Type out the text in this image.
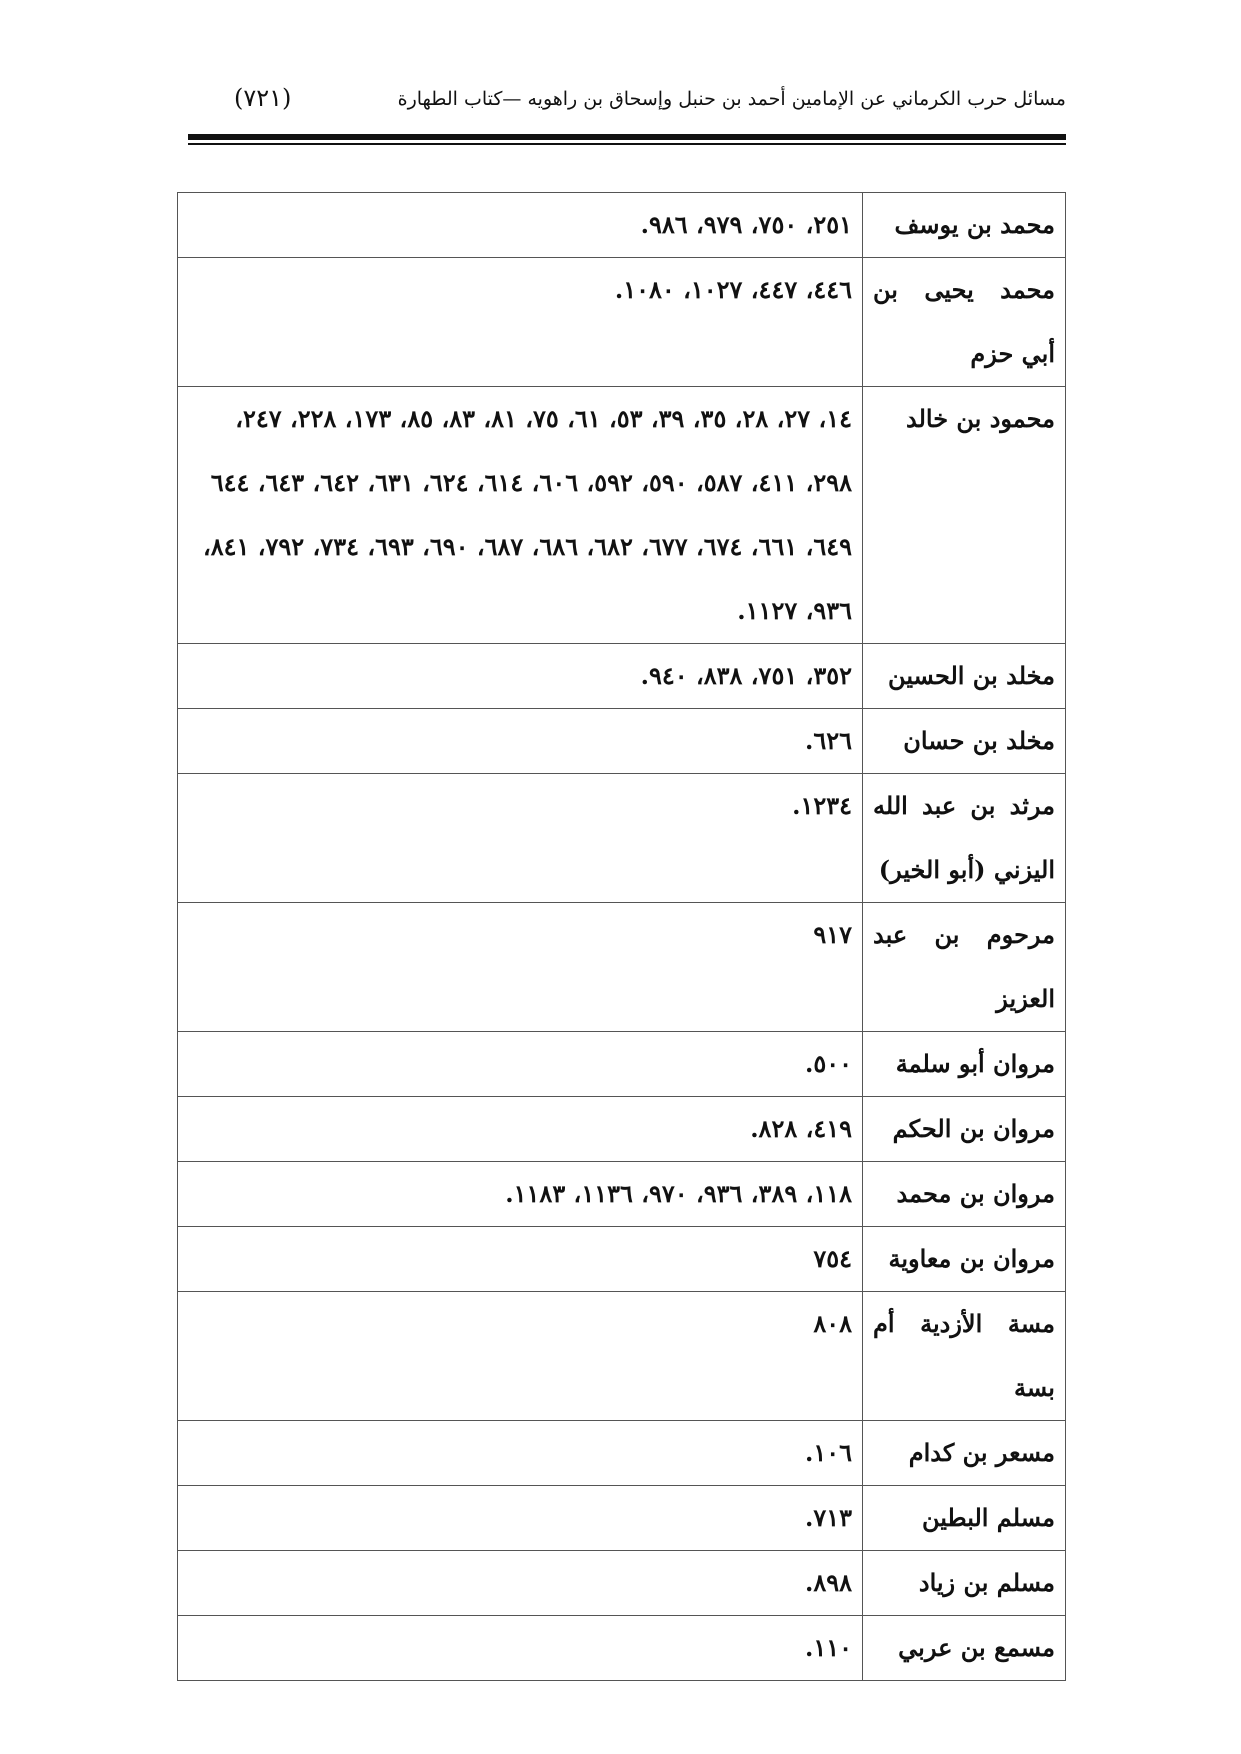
مسائل حرب الكرماني عن الإمامين أحمد بن حنبل وإسحاق بن راهويه —كتاب الطهارة
(٧٢١)
محمد بن يوسف	٢٥١، ٧٥٠، ٩٧٩، ٩٨٦.
محمد يحيى بن أبي حزم	٤٤٦، ٤٤٧، ١٠٢٧، ١٠٨٠.
محمود بن خالد	١٤، ٢٧، ٢٨، ٣٥، ٣٩، ٥٣، ٦١، ٧٥، ٨١، ٨٣، ٨٥، ١٧٣، ٢٢٨، ٢٤٧، ٢٩٨، ٤١١، ٥٨٧، ٥٩٠، ٥٩٢، ٦٠٦، ٦١٤، ٦٢٤، ٦٣١، ٦٤٢، ٦٤٣، ٦٤٤ ٦٤٩، ٦٦١، ٦٧٤، ٦٧٧، ٦٨٢، ٦٨٦، ٦٨٧، ٦٩٠، ٦٩٣، ٧٣٤، ٧٩٢، ٨٤١، ٩٣٦، ١١٢٧.
مخلد بن الحسين	٣٥٢، ٧٥١، ٨٣٨، ٩٤٠.
مخلد بن حسان	٦٢٦.
مرثد بن عبد الله اليزني (أبو الخير)	١٢٣٤.
مرحوم بن عبد العزيز	٩١٧
مروان أبو سلمة	٥٠٠.
مروان بن الحكم	٤١٩، ٨٢٨.
مروان بن محمد	١١٨، ٣٨٩، ٩٣٦، ٩٧٠، ١١٣٦، ١١٨٣.
مروان بن معاوية	٧٥٤
مسة الأزدية أم بسة	٨٠٨
مسعر بن كدام	١٠٦.
مسلم البطين	٧١٣.
مسلم بن زياد	٨٩٨.
مسمع بن عربي	١١٠.
